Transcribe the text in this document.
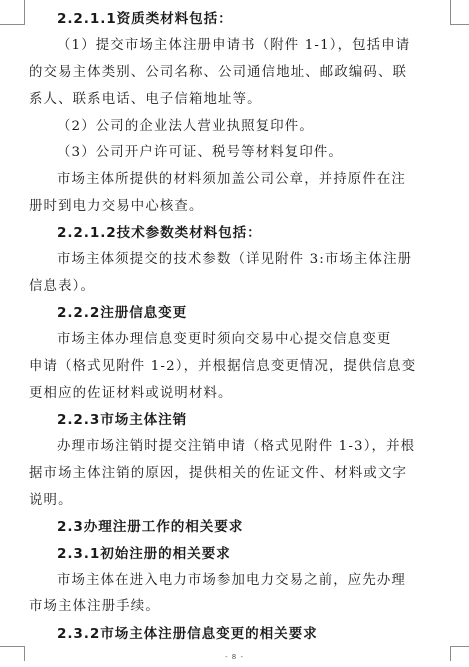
2.2.1.1资质类材料包括：
（1）提交市场主体注册申请书（附件 1-1），包括申请
的交易主体类别、公司名称、公司通信地址、邮政编码、联
系人、联系电话、电子信箱地址等。
（2）公司的企业法人营业执照复印件。
（3）公司开户许可证、税号等材料复印件。
市场主体所提供的材料须加盖公司公章，并持原件在注
册时到电力交易中心核查。
2.2.1.2技术参数类材料包括：
市场主体须提交的技术参数（详见附件 3:市场主体注册
信息表）。
2.2.2注册信息变更
市场主体办理信息变更时须向交易中心提交信息变更
申请（格式见附件 1-2），并根据信息变更情况，提供信息变
更相应的佐证材料或说明材料。
2.2.3市场主体注销
办理市场注销时提交注销申请（格式见附件 1-3），并根
据市场主体注销的原因，提供相关的佐证文件、材料或文字
说明。
2.3办理注册工作的相关要求
2.3.1初始注册的相关要求
市场主体在进入电力市场参加电力交易之前，应先办理
市场主体注册手续。
2.3.2市场主体注册信息变更的相关要求
- 8 -
